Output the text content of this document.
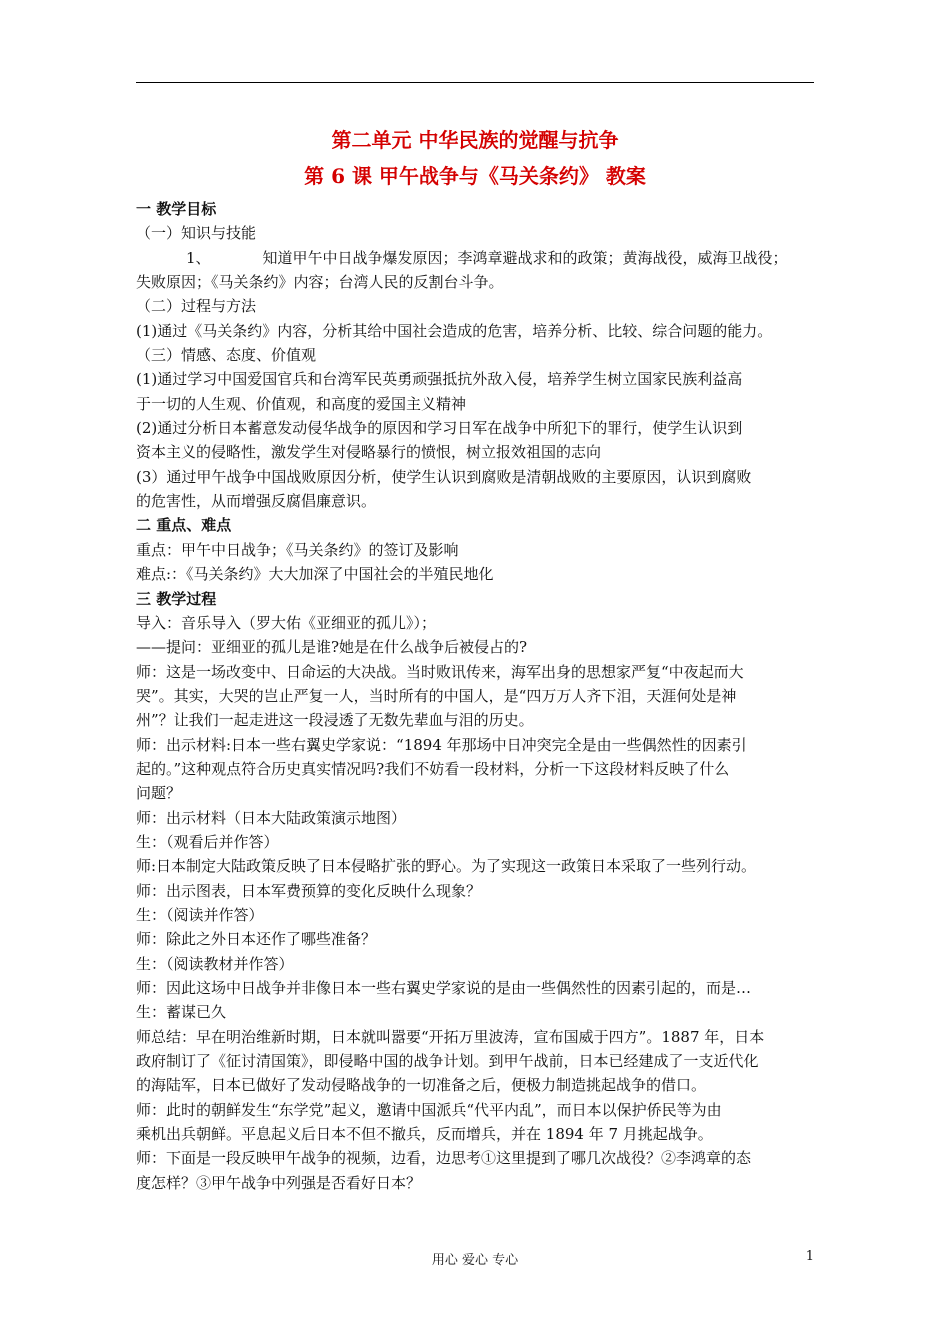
第二单元 中华民族的觉醒与抗争
第 6 课 甲午战争与《马关条约》 教案

一 教学目标

（一）知识与技能

1、	知道甲午中日战争爆发原因；李鸿章避战求和的政策；黄海战役，威海卫战役；

失败原因；《马关条约》内容；台湾人民的反割台斗争。

（二）过程与方法

(1)通过《马关条约》内容，分析其给中国社会造成的危害，培养分析、比较、综合问题的能力。

（三）情感、态度、价值观

(1)通过学习中国爱国官兵和台湾军民英勇顽强抵抗外敌入侵，培养学生树立国家民族利益高

于一切的人生观、价值观，和高度的爱国主义精神

(2)通过分析日本蓄意发动侵华战争的原因和学习日军在战争中所犯下的罪行，使学生认识到

资本主义的侵略性，激发学生对侵略暴行的愤恨，树立报效祖国的志向

(3）通过甲午战争中国战败原因分析，使学生认识到腐败是清朝战败的主要原因，认识到腐败

的危害性，从而增强反腐倡廉意识。

二 重点、难点

重点：甲午中日战争；《马关条约》的签订及影响

难点:：《马关条约》大大加深了中国社会的半殖民地化

三 教学过程

导入：音乐导入（罗大佑《亚细亚的孤儿》）；

——提问：亚细亚的孤儿是谁?她是在什么战争后被侵占的?

师：这是一场改变中、日命运的大决战。当时败讯传来，海军出身的思想家严复“中夜起而大

哭”。其实，大哭的岂止严复一人，当时所有的中国人，是“四万万人齐下泪，天涯何处是神

州”？让我们一起走进这一段浸透了无数先辈血与泪的历史。

师：出示材料:日本一些右翼史学家说：“1894 年那场中日冲突完全是由一些偶然性的因素引

起的。”这种观点符合历史真实情况吗?我们不妨看一段材料，分析一下这段材料反映了什么

问题？

师：出示材料（日本大陆政策演示地图）

生：（观看后并作答）

师:日本制定大陆政策反映了日本侵略扩张的野心。为了实现这一政策日本采取了一些列行动。

师：出示图表，日本军费预算的变化反映什么现象？

生：（阅读并作答）

师：除此之外日本还作了哪些准备？

生：（阅读教材并作答）

师：因此这场中日战争并非像日本一些右翼史学家说的是由一些偶然性的因素引起的，而是…

生：蓄谋已久

师总结：早在明治维新时期，日本就叫嚣要“开拓万里波涛，宣布国威于四方”。1887 年，日本

政府制订了《征讨清国策》，即侵略中国的战争计划。到甲午战前，日本已经建成了一支近代化

的海陆军，日本已做好了发动侵略战争的一切准备之后，便极力制造挑起战争的借口。

师：此时的朝鲜发生“东学党”起义，邀请中国派兵“代平内乱”，而日本以保护侨民等为由

乘机出兵朝鲜。平息起义后日本不但不撤兵，反而增兵，并在 1894 年 7 月挑起战争。

师：下面是一段反映甲午战争的视频，边看，边思考①这里提到了哪几次战役？②李鸿章的态

度怎样？③甲午战争中列强是否看好日本？

用心 爱心 专心	1
